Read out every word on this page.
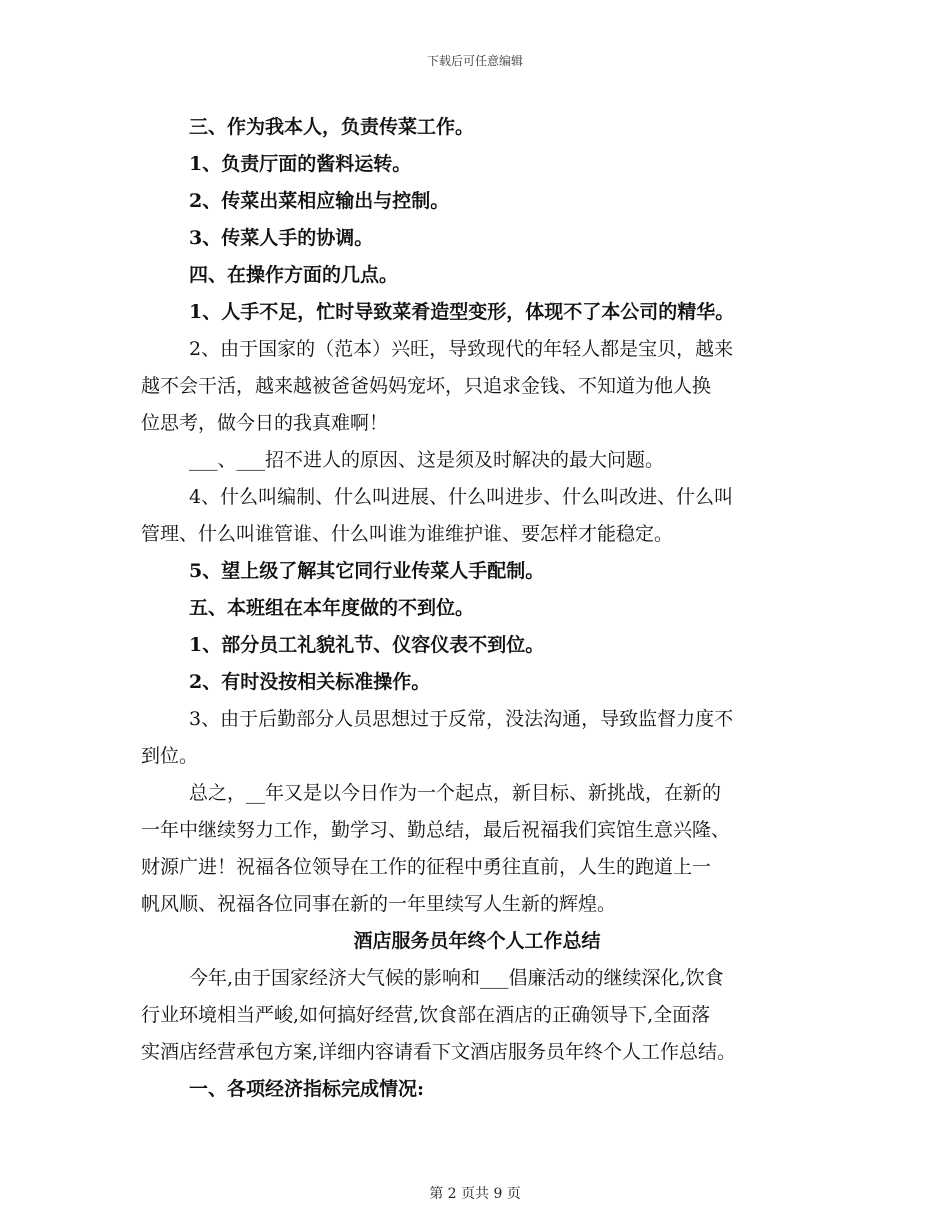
下载后可任意编辑
三、作为我本人，负责传菜工作。
1、负责厅面的酱料运转。
2、传菜出菜相应输出与控制。
3、传菜人手的协调。
四、在操作方面的几点。
1、人手不足，忙时导致菜肴造型变形，体现不了本公司的精华。
2、由于国家的（范本）兴旺，导致现代的年轻人都是宝贝，越来
越不会干活，越来越被爸爸妈妈宠坏，只追求金钱、不知道为他人换
位思考，做今日的我真难啊！
___、___招不进人的原因、这是须及时解决的最大问题。
4、什么叫编制、什么叫进展、什么叫进步、什么叫改进、什么叫
管理、什么叫谁管谁、什么叫谁为谁维护谁、要怎样才能稳定。
5、望上级了解其它同行业传菜人手配制。
五、本班组在本年度做的不到位。
1、部分员工礼貌礼节、仪容仪表不到位。
2、有时没按相关标准操作。
3、由于后勤部分人员思想过于反常，没法沟通，导致监督力度不
到位。
总之，__年又是以今日作为一个起点，新目标、新挑战，在新的
一年中继续努力工作，勤学习、勤总结，最后祝福我们宾馆生意兴隆、
财源广进！祝福各位领导在工作的征程中勇往直前，人生的跑道上一
帆风顺、祝福各位同事在新的一年里续写人生新的辉煌。
酒店服务员年终个人工作总结
今年,由于国家经济大气候的影响和___倡廉活动的继续深化,饮食
行业环境相当严峻,如何搞好经营,饮食部在酒店的正确领导下,全面落
实酒店经营承包方案,详细内容请看下文酒店服务员年终个人工作总结。
一、各项经济指标完成情况:
第 2 页共 9 页
